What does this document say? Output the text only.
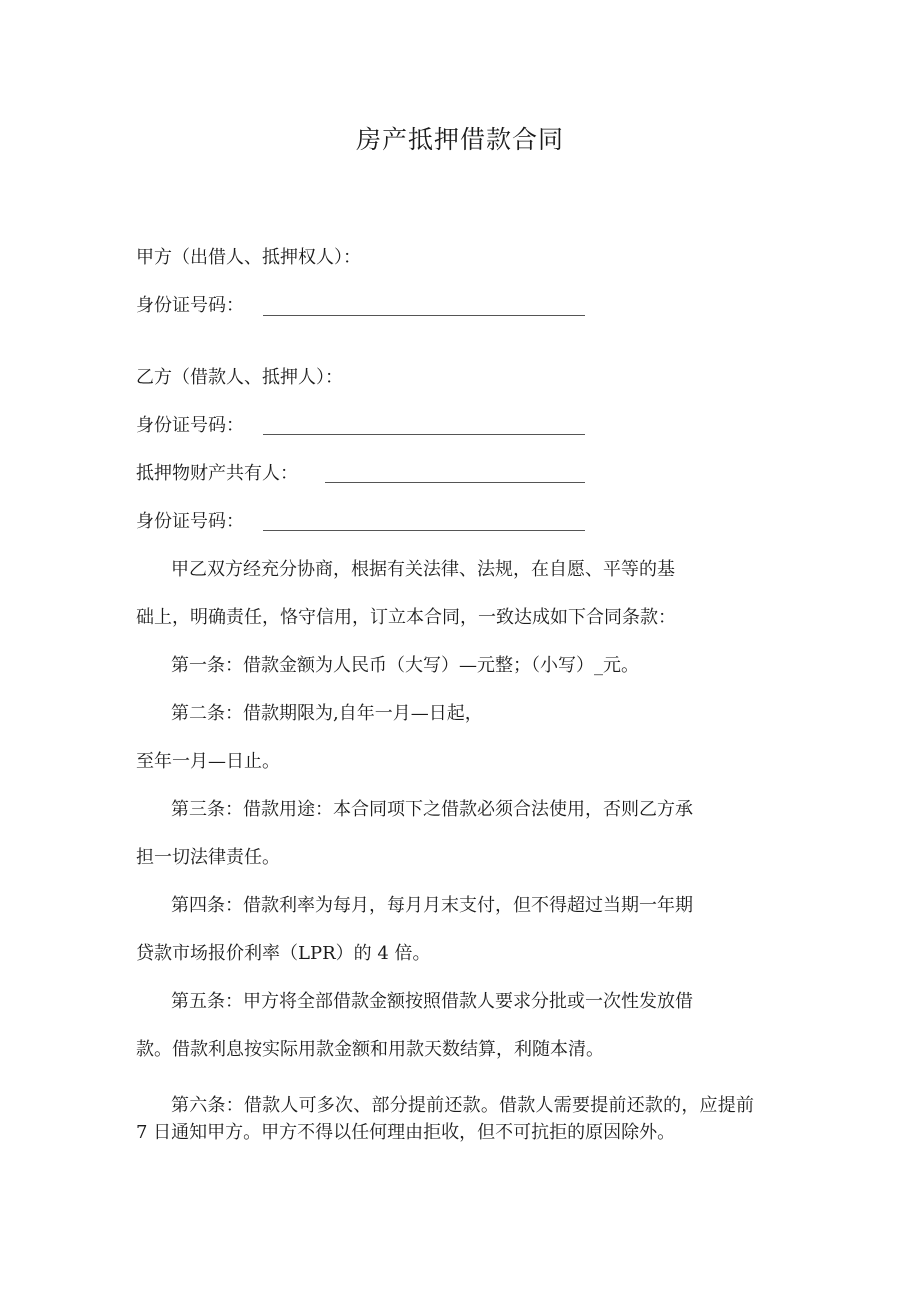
房产抵押借款合同
甲方（出借人、抵押权人）：
身份证号码：
乙方（借款人、抵押人）：
身份证号码：
抵押物财产共有人：
身份证号码：
甲乙双方经充分协商，根据有关法律、法规，在自愿、平等的基
础上，明确责任，恪守信用，订立本合同，一致达成如下合同条款：
第一条：借款金额为人民币（大写）—元整；（小写）_元。
第二条：借款期限为,自年一月—日起，
至年一月—日止。
第三条：借款用途：本合同项下之借款必须合法使用，否则乙方承
担一切法律责任。
第四条：借款利率为每月，每月月末支付，但不得超过当期一年期
贷款市场报价利率（LPR）的 4 倍。
第五条：甲方将全部借款金额按照借款人要求分批或一次性发放借
款。借款利息按实际用款金额和用款天数结算，利随本清。
第六条：借款人可多次、部分提前还款。借款人需要提前还款的，应提前 7 日通知甲方。甲方不得以任何理由拒收，但不可抗拒的原因除外。
